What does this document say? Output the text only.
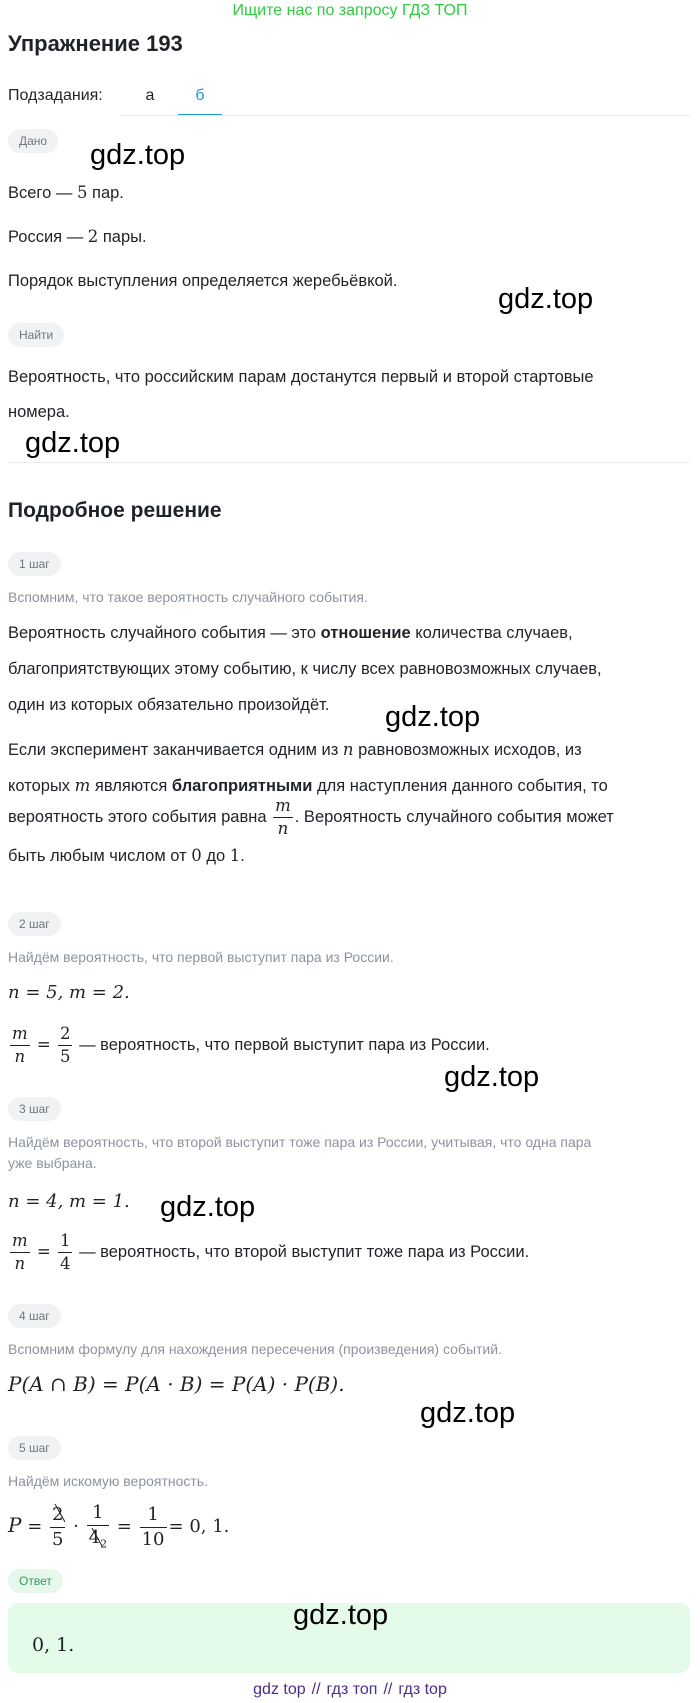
Ищите нас по запросу ГДЗ ТОП
Упражнение 193
Подзадания:	а	б
Дано	gdz.top
Всего — 5 пар.
Россия — 2 пары.
Порядок выступления определяется жеребьёвкой.
gdz.top
Найти
Вероятность, что российским парам достанутся первый и второй стартовые
номера.
gdz.top
Подробное решение
1 шаг
Вспомним, что такое вероятность случайного события.
Вероятность случайного события — это отношение количества случаев,
благоприятствующих этому событию, к числу всех равновозможных случаев,
один из которых обязательно произойдёт.	gdz.top
Если эксперимент заканчивается одним из n равновозможных исходов, из
которых m являются благоприятными для наступления данного события, то
вероятность этого события равна $\frac{m}{n}$ . Вероятность случайного события может
быть любым числом от 0 до 1.
2 шаг
Найдём вероятность, что первой выступит пара из России.
n = 5, m = 2.
$\frac{m}{n} = \frac{2}{5}$ — вероятность, что первой выступит пара из России.
gdz.top
3 шаг
Найдём вероятность, что второй выступит тоже пара из России, учитывая, что одна пара
уже выбрана.
n = 4, m = 1.	gdz.top
$\frac{m}{n} = \frac{1}{4}$ — вероятность, что второй выступит тоже пара из России.
4 шаг
Вспомним формулу для нахождения пересечения (произведения) событий.
P(A ∩ B) = P(A · B) = P(A) · P(B).
gdz.top
5 шаг
Найдём искомую вероятность.
$P = \frac{2}{5} \cdot 1$
4
$_2 = \frac{1}{10} = 0$, 1.
Ответ
gdz.top
0, 1.
gdz top // гдз топ // гдз top
